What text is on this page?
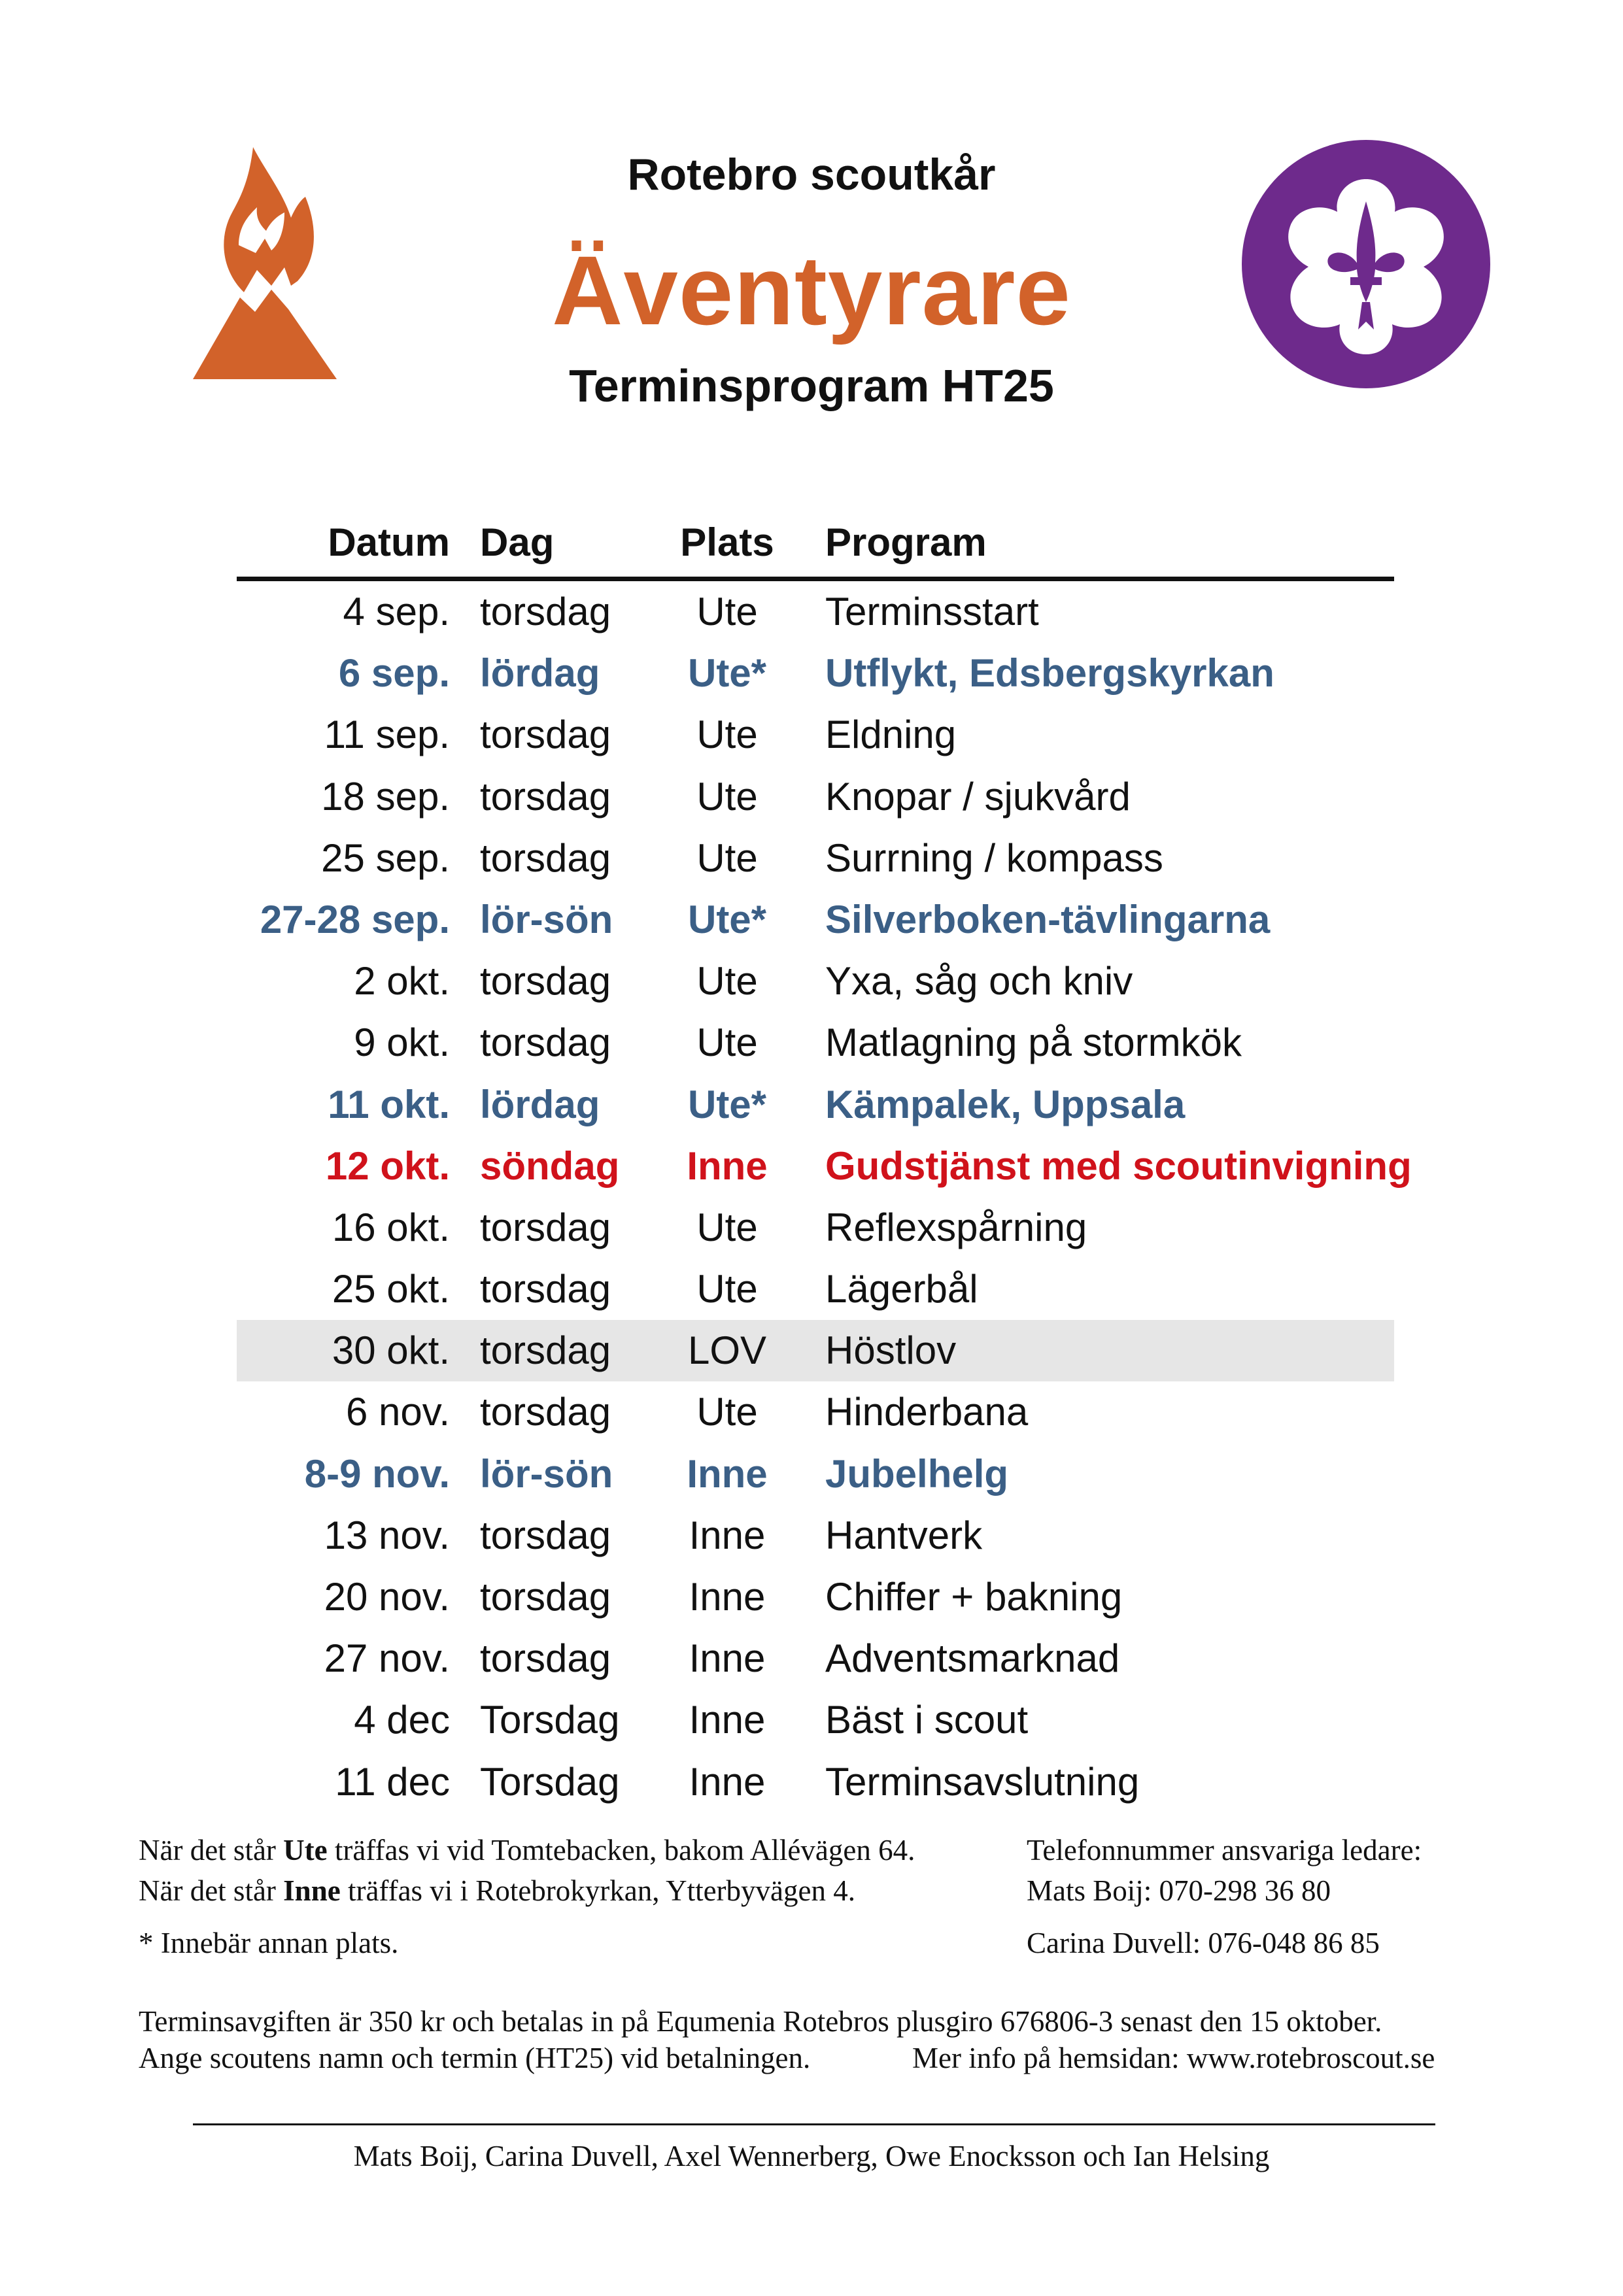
Rotebro scoutkår
Äventyrare
Terminsprogram HT25
Datum Dag	Plats	Program
4 sep. torsdag	Ute	Terminsstart
6 sep. lördag	Ute*	Utflykt, Edsbergskyrkan
11 sep. torsdag	Ute	Eldning
18 sep. torsdag	Ute	Knopar / sjukvård
25 sep. torsdag	Ute	Surrning / kompass
27-28 sep. lör-sön	Ute*	Silverboken-tävlingarna
2 okt. torsdag	Ute	Yxa, såg och kniv
9 okt. torsdag	Ute	Matlagning på stormkök
11 okt. lördag	Ute*	Kämpalek, Uppsala
12 okt. söndag	Inne	Gudstjänst med scoutinvigning
16 okt. torsdag	Ute	Reflexspårning
25 okt. torsdag	Ute	Lägerbål
30 okt. torsdag	LOV	Höstlov
6 nov. torsdag	Ute	Hinderbana
8-9 nov. lör-sön	Inne	Jubelhelg
13 nov. torsdag	Inne	Hantverk
20 nov. torsdag	Inne	Chiffer + bakning
27 nov. torsdag	Inne	Adventsmarknad
4 dec Torsdag	Inne	Bäst i scout
11 dec Torsdag	Inne	Terminsavslutning
När det står Ute träffas vi vid Tomtebacken, bakom Allévägen 64.
När det står Inne träffas vi i Rotebrokyrkan, Ytterbyvägen 4.
* Innebär annan plats.
Telefonnummer ansvariga ledare:
Mats Boij: 070-298 36 80
Carina Duvell: 076-048 86 85
Terminsavgiften är 350 kr och betalas in på Equmenia Rotebros plusgiro 676806-3 senast den 15 oktober.
Ange scoutens namn och termin (HT25) vid betalningen.	Mer info på hemsidan: www.rotebroscout.se
Mats Boij, Carina Duvell, Axel Wennerberg, Owe Enocksson och Ian Helsing
